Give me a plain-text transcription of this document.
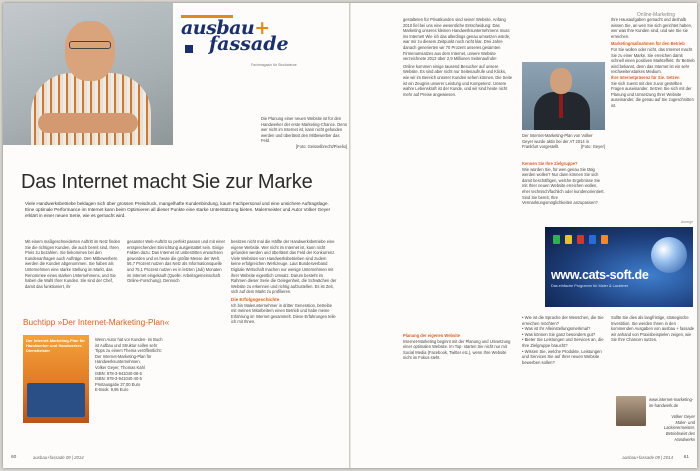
ausbau+
fassade
Fachmagazin für Stuckateure
Die Planung einer neuen Website ist für den Handwerker der erste Marketing-Chance. Denn wer nicht im Internet ist, kann nicht gefunden werden und überlässt den Mitbewerber das Feld.

[Foto: Geisselbrecht/Pixelio]
Das Internet macht Sie zur Marke
Viele Handwerksbetriebe beklagen sich über grossen Preisdruck, mangelhafte Kundenbindung, kaum Fachpersonal und eine unsichere Auftragslage. Eine optimale Performance im Internet kann beim Optimieren all dieser Punkte eine starke Unterstützung bieten. Malermeister und Autor Volker Geyer erklärt in einer neuen Serie, wie es gemacht wird.
Mit einem maßgeschneiderten Auftritt im Netz finden Sie die richtigen Kunden, die auch bereit sind, Ihren Preis zu bezahlen. Sie bekommen bei den Kundenanfragen auch Aufträge. Den Mitbewerbern werden die Kunden abgenommen. Sie haben als Unternehmen eine starke Stellung im Markt, das Renommee eines starken Unternehmens, und Sie haben die Wahl Ihrer Kunden. Sie sind der Chef, damit das funktioniert, ihr
gesamter Web-Auftritt so perfekt passen und mit einer entsprechenden Einrichtung ausgestattet sein. Einige Fakten dazu: Das Internet ist unbestritten erwachsen geworden und es heute die größte Messe der Welt. 56,7 Prozent nutzen das Netz als Informationsquelle und 75,1 Prozent nutzen es in letzten (Juli) Monaten im Internet eingekauft (Quelle: Arbeitsgemeinschaft Online-Forschung). Dennoch
besitzen nicht mal die Hälfte der Handwerksbetriebe eine eigene Website. Wer nicht im Internet ist, kann nicht gefunden werden und überlässt das Feld der Konkurrenz. Viele Websites von Handwerksbetrieben sind zudem keine erfolgreichen Werkzeuge. Laut Bundesverband Digitale Wirtschaft machen nur wenige Unternehmen mit ihrer Website eigentlich Umsatz. Darum besteht im Rahmen dieser Serie die Gelegenheit, die Schwächen der Website zu erkennen und richtig aufzustellen. Es ist Zeit, sich auf dem Markt zu profilieren.
Die Erfolgsgeschichte
Ich bin Malerunternehmer in dritter Generation, betreibe mit meinen Mitarbeitern einen Betrieb und habe meine Erfahrung im Internet gesammelt. Diese Erfahrungen teile ich mit Ihnen.
Buchtipp »Der Internet-Marketing-Plan«
Der Internet-Marketing-Plan für Handwerker und Handwerker-Dienstleister
Wenn Autor hat vor Kunden- im Buch ist Aufbau und Struktur sollen sehr Tipps zu einem Thema veröffentlicht: Der Internet-Marketing-Plan für Handwerksunternehmen.
Volker Geyer, Thomas Kahl
ISBN: 978-3-941040-08-5
ISBN: 978-3-941040-40-5
Printausgabe 37,00 Euro
E-Book: 9,95 Euro
60	ausbau+fassade 09 | 2014
Online-Marketing
gestalteten für Privatkunden sind seiner Website. Anfang 2010 fiel bei uns eine wesentliche Entscheidung: Das Marketing unseres kleinen Handwerksunternehmens muss ins Internet! Wie ich das allerdings genau umsetzen würde, war mir zu diesem Zeitpunkt noch nicht klar. Drei Jahre danach generierten wir 70 Prozent unseres gesamten Firmenumsatzes aus dem Internet, unsere Website verzeichnete 2013 über 2,9 Millionen Seitenaufrufe!
Online kommen einige tausend Besucher auf unsere Website. Es sind aber nicht nur Seitenaufrufe und Klicks, wie wir im Bereich unserer Kunden sehen können. Die Seite ist ein Zeugnis unserer Leistung und Kompetenz. Unsere wahre Lebenskraft ist der Kunde, und wir sind heute nicht mehr auf Preise angewiesen.
Der Internet-Marketing-Plan von Volker Geyer wurde aktiv bei der AT 2014 in Frankfurt vorgestellt.	[Foto: Geyer]
Kennen Sie Ihre Zielgruppe?
Wie würden Sie, für wen genau Sie tätig werden wollen? Nur dann können Sie sich damit beschäftigen, welche Ergebnisse Sie mit Ihrer neuen Website erreichen wollen, eher technisch/fachlich oder kundenorientiert. Sind Sie bereit, Ihre Vermarktungsmöglichkeiten anzupassen?
Ihre Hausaufgaben gemacht und deshalb wissen Sie, an wen Sie sich gerichtet haben, wer was Ihre Kunden sind, und wie Sie sie erreichen.
Marketingmaßnahmen für den Betrieb
Für Sie wollen oder nicht, das Internet macht Sie zu einer Marke. Sie erreichen damit schnell einen positiven Markteffekt. Ihr Betrieb wird bekannt, denn das Internet ist ein sehr reichweitenstarkes Medium.
Ihre Internetpräsenz für Sie. Setzen
Sie sich zuerst mit den zuvor gestellten Fragen auseinander. Setzen Sie sich mit der Planung und Umsetzung Ihrer Website auseinander, die genau auf Sie zugeschnitten ist.
Anzeige
www.cats-soft.de
Das einfache Programm für Maler & Lackierer
Planung der eigenen Website
Internet-Marketing beginnt mit der Planung und Umsetzung einer optimalen Website. Im Top- starten Sie nicht nur mit Social Media (Facebook, Twitter etc.), wenn Ihre Website nicht im Fokus steht.
• Wie ist die Sprache der Menschen, die Sie erreichen möchten?
• Was ist Ihr Alleinstellungsmerkmal?
• Was können Sie ganz besonders gut?
• Bieter Sie Leistungen und Services an, die Ihre Zielgruppe braucht?
• Wissen Sie, welche Produkte, Leistungen und Services Sie auf Ihrer neuen Website bewerben sollen?
Sollte Sie dies als langfristige, strategische Investition. Sie werden Ihnen in den kommenden Ausgaben von ausbau + fassade wir anhand von Praxisbeispielen zeigen, wie Sie Ihre Chancen nutzen.
www.internet-marketing-im-handwerk.de
Volker Geyer
Maler- und Lackierermeister, Betriebswirt des Handwerks
ausbau+fassade 09 | 2014 61
